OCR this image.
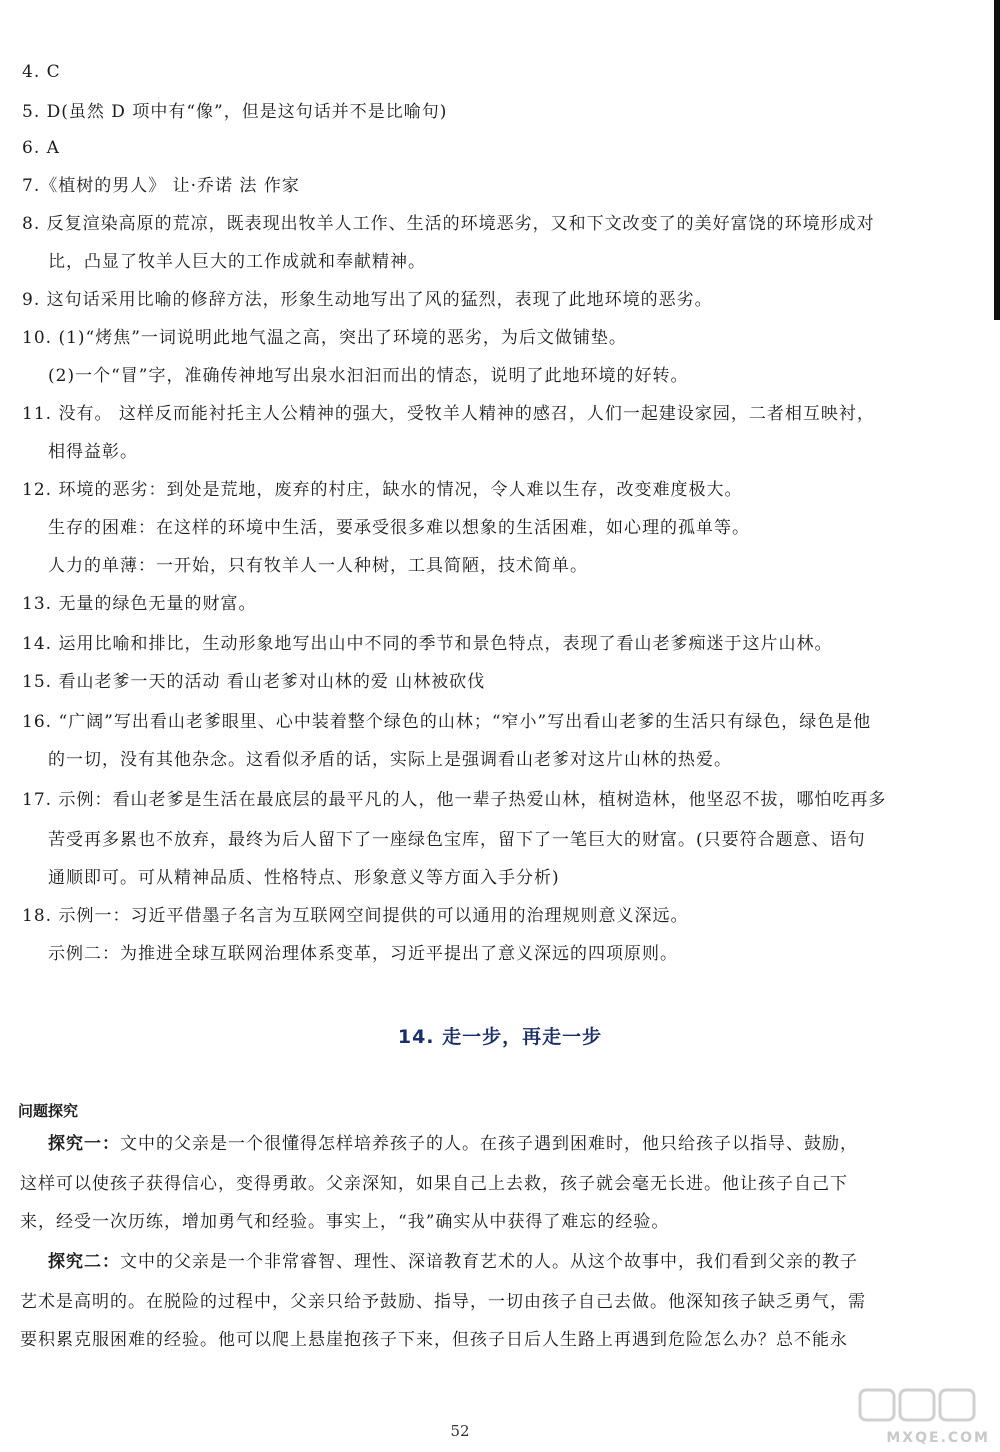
4. C
5. D(虽然 D 项中有“像”，但是这句话并不是比喻句)
6. A
7.《植树的男人》 让·乔诺 法 作家
8. 反复渲染高原的荒凉，既表现出牧羊人工作、生活的环境恶劣，又和下文改变了的美好富饶的环境形成对
比，凸显了牧羊人巨大的工作成就和奉献精神。
9. 这句话采用比喻的修辞方法，形象生动地写出了风的猛烈，表现了此地环境的恶劣。
10. (1)“烤焦”一词说明此地气温之高，突出了环境的恶劣，为后文做铺垫。
(2)一个“冒”字，准确传神地写出泉水汩汩而出的情态，说明了此地环境的好转。
11. 没有。 这样反而能衬托主人公精神的强大，受牧羊人精神的感召，人们一起建设家园，二者相互映衬，
相得益彰。
12. 环境的恶劣：到处是荒地，废弃的村庄，缺水的情况，令人难以生存，改变难度极大。
生存的困难：在这样的环境中生活，要承受很多难以想象的生活困难，如心理的孤单等。
人力的单薄：一开始，只有牧羊人一人种树，工具简陋，技术简单。
13. 无量的绿色无量的财富。
14. 运用比喻和排比，生动形象地写出山中不同的季节和景色特点，表现了看山老爹痴迷于这片山林。
15. 看山老爹一天的活动 看山老爹对山林的爱 山林被砍伐
16. “广阔”写出看山老爹眼里、心中装着整个绿色的山林；“窄小”写出看山老爹的生活只有绿色，绿色是他
的一切，没有其他杂念。这看似矛盾的话，实际上是强调看山老爹对这片山林的热爱。
17. 示例：看山老爹是生活在最底层的最平凡的人，他一辈子热爱山林，植树造林，他坚忍不拔，哪怕吃再多
苦受再多累也不放弃，最终为后人留下了一座绿色宝库，留下了一笔巨大的财富。(只要符合题意、语句
通顺即可。可从精神品质、性格特点、形象意义等方面入手分析)
18. 示例一：习近平借墨子名言为互联网空间提供的可以通用的治理规则意义深远。
示例二：为推进全球互联网治理体系变革，习近平提出了意义深远的四项原则。
14. 走一步，再走一步
问题探究
探究一：文中的父亲是一个很懂得怎样培养孩子的人。在孩子遇到困难时，他只给孩子以指导、鼓励，
这样可以使孩子获得信心，变得勇敢。父亲深知，如果自己上去救，孩子就会毫无长进。他让孩子自己下
来，经受一次历练，增加勇气和经验。事实上，“我”确实从中获得了难忘的经验。
探究二：文中的父亲是一个非常睿智、理性、深谙教育艺术的人。从这个故事中，我们看到父亲的教子
艺术是高明的。在脱险的过程中，父亲只给予鼓励、指导，一切由孩子自己去做。他深知孩子缺乏勇气，需
要积累克服困难的经验。他可以爬上悬崖抱孩子下来，但孩子日后人生路上再遇到危险怎么办？总不能永
52	MXQE.COM
